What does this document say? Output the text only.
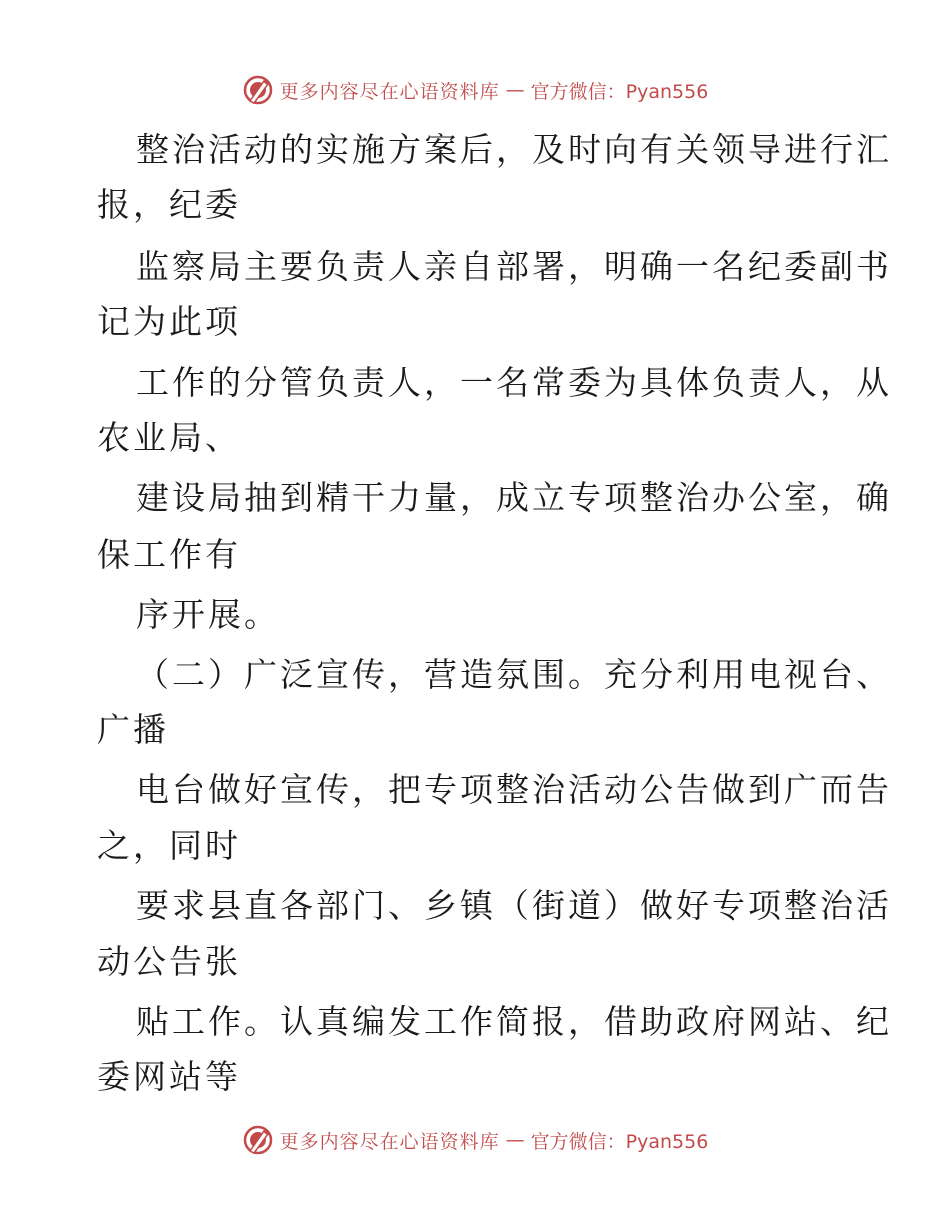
更多内容尽在心语资料库 — 官方微信：Pyan556
整治活动的实施方案后，及时向有关领导进行汇
报，纪委
监察局主要负责人亲自部署，明确一名纪委副书
记为此项
工作的分管负责人，一名常委为具体负责人，从
农业局、
建设局抽到精干力量，成立专项整治办公室，确
保工作有
序开展。
（二）广泛宣传，营造氛围。充分利用电视台、
广播
电台做好宣传，把专项整治活动公告做到广而告
之，同时
要求县直各部门、乡镇（街道）做好专项整治活
动公告张
贴工作。认真编发工作简报，借助政府网站、纪
委网站等
更多内容尽在心语资料库 — 官方微信：Pyan556
